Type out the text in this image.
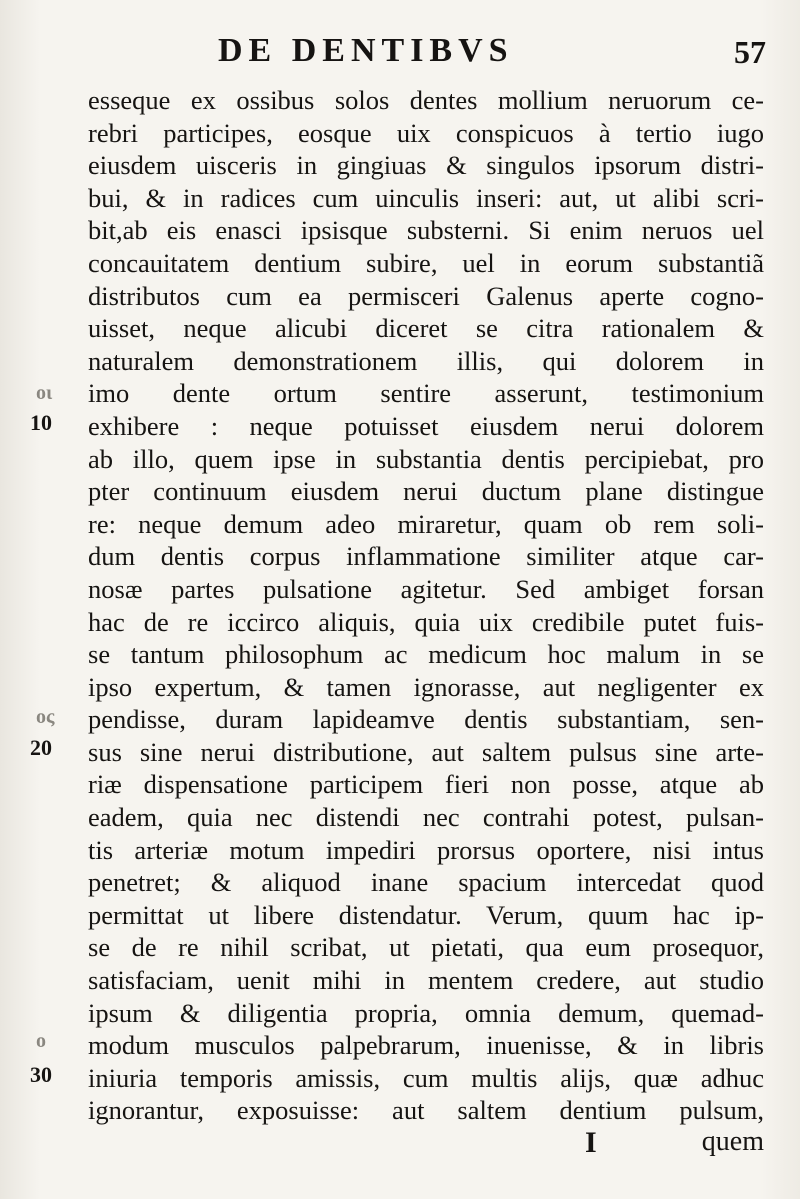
DE DENTIBVS	57
οι
ος
ο
10
20
30
esseque ex ossibus solos dentes mollium neruorum ce-
rebri participes, eosque uix conspicuos à tertio iugo
eiusdem uisceris in gingiuas & singulos ipsorum distri-
bui, & in radices cum uinculis inseri: aut, ut alibi scri-
bit,ab eis enasci ipsisque substerni. Si enim neruos uel
concauitatem dentium subire, uel in eorum substantiã
distributos cum ea permisceri Galenus aperte cogno-
uisset, neque alicubi diceret se citra rationalem &
naturalem demonstrationem illis, qui dolorem in
imo dente ortum sentire asserunt, testimonium
exhibere : neque potuisset eiusdem nerui dolorem
ab illo, quem ipse in substantia dentis percipiebat, pro
pter continuum eiusdem nerui ductum plane distingue
re: neque demum adeo miraretur, quam ob rem soli-
dum dentis corpus inflammatione similiter atque car-
nosæ partes pulsatione agitetur. Sed ambiget forsan
hac de re iccirco aliquis, quia uix credibile putet fuis-
se tantum philosophum ac medicum hoc malum in se
ipso expertum, & tamen ignorasse, aut negligenter ex
pendisse, duram lapideamve dentis substantiam, sen-
sus sine nerui distributione, aut saltem pulsus sine arte-
riæ dispensatione participem fieri non posse, atque ab
eadem, quia nec distendi nec contrahi potest, pulsan-
tis arteriæ motum impediri prorsus oportere, nisi intus
penetret; & aliquod inane spacium intercedat quod
permittat ut libere distendatur. Verum, quum hac ip-
se de re nihil scribat, ut pietati, qua eum prosequor,
satisfaciam, uenit mihi in mentem credere, aut studio
ipsum & diligentia propria, omnia demum, quemad-
modum musculos palpebrarum, inuenisse, & in libris
iniuria temporis amissis, cum multis alijs, quæ adhuc
ignorantur, exposuisse: aut saltem dentium pulsum,
I	quem
